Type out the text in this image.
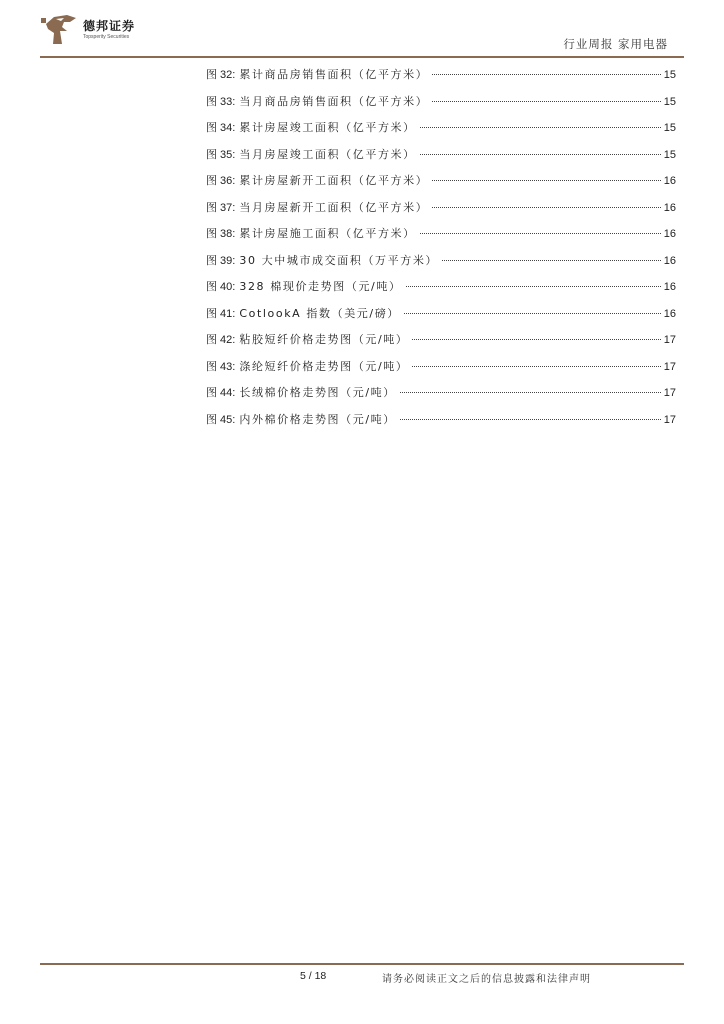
德邦证券
Topsperity Securities	行业周报 家用电器
图 32: 累计商品房销售面积（亿平方米）	15
图 33: 当月商品房销售面积（亿平方米）	15
图 34: 累计房屋竣工面积（亿平方米）	15
图 35: 当月房屋竣工面积（亿平方米）	15
图 36: 累计房屋新开工面积（亿平方米）	16
图 37: 当月房屋新开工面积（亿平方米）	16
图 38: 累计房屋施工面积（亿平方米）	16
图 39: 30 大中城市成交面积（万平方米）	16
图 40: 328 棉现价走势图（元/吨）	16
图 41: CotlookA 指数（美元/磅）	16
图 42: 粘胶短纤价格走势图（元/吨）	17
图 43: 涤纶短纤价格走势图（元/吨）	17
图 44: 长绒棉价格走势图（元/吨）	17
图 45: 内外棉价格走势图（元/吨）	17
5 / 18	请务必阅读正文之后的信息披露和法律声明
